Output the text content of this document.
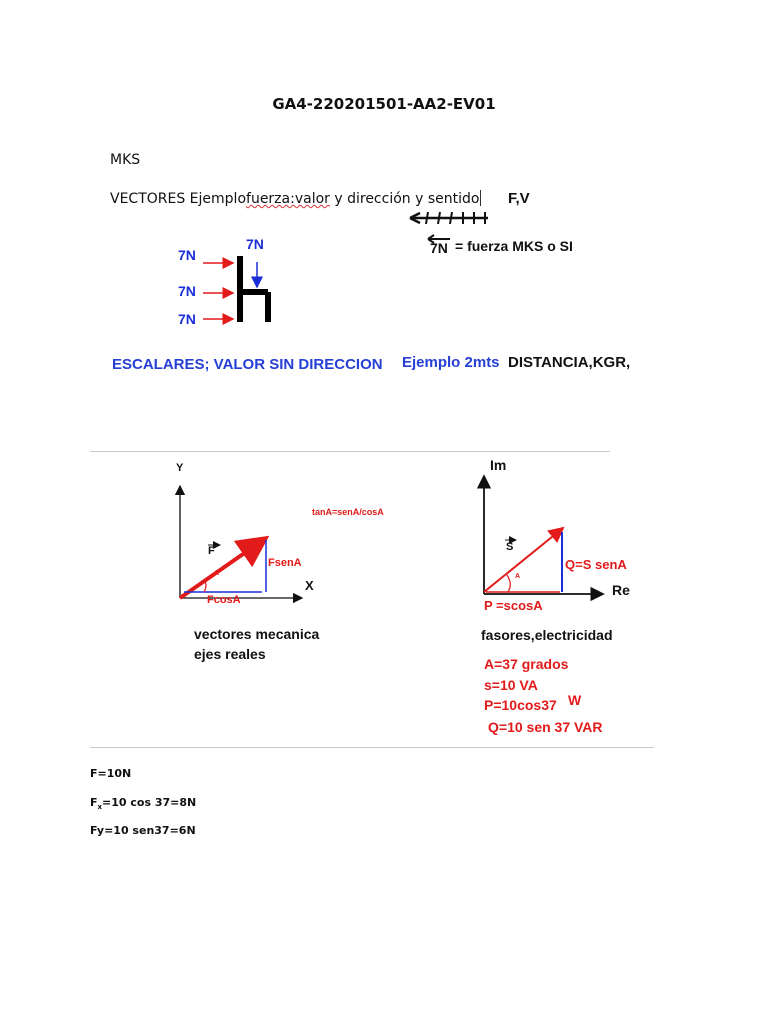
GA4-220201501-AA2-EV01
MKS
VECTORES Ejemplofuerza:valor y dirección y sentido F,V
7N
7N
7N
7N
7N = fuerza MKS o SI
ESCALARES; VALOR SIN DIRECCION Ejemplo 2mts DISTANCIA,KGR,
Y
X
F
A
FsenA
FcosA
tanA=senA/cosA
vectores mecanica
ejes reales
Im
Re
S
A
Q=S senA
P =scosA
fasores,electricidad
A=37 grados
s=10 VA
P=10cos37 W
Q=10 sen 37 VAR
F=10N
$F_x=10$ cos 37=8N
Fy=10 sen37=6N
